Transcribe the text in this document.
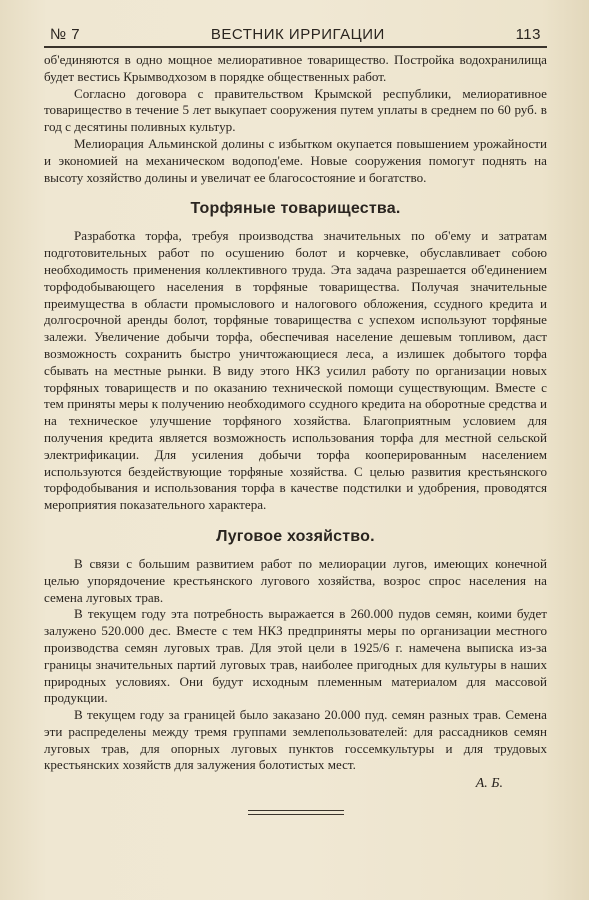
№ 7	ВЕСТНИК ИРРИГАЦИИ	113

об'единяются в одно мощное мелиоративное товарищество. Постройка водохранилища будет вестись Крымводхозом в порядке общественных работ.

Согласно договора с правительством Крымской республики, мелиоративное товарищество в течение 5 лет выкупает сооружения путем уплаты в среднем по 60 руб. в год с десятины поливных культур.

Мелиорация Альминской долины с избытком окупается повышением урожайности и экономией на механическом водопод'еме. Новые сооружения помогут поднять на высоту хозяйство долины и увеличат ее благосостояние и богатство.

Торфяные товарищества.

Разработка торфа, требуя производства значительных по об'ему и затратам подготовительных работ по осушению болот и корчевке, обуславливает собою необходимость применения коллективного труда. Эта задача разрешается об'единением торфодобывающего населения в торфяные товарищества. Получая значительные преимущества в области промыслового и налогового обложения, ссудного кредита и долгосрочной аренды болот, торфяные товарищества с успехом используют торфяные залежи. Увеличение добычи торфа, обеспечивая население дешевым топливом, даст возможность сохранить быстро уничтожающиеся леса, а излишек добытого торфа сбывать на местные рынки. В виду этого НКЗ усилил работу по организации новых торфяных товариществ и по оказанию технической помощи существующим. Вместе с тем приняты меры к получению необходимого ссудного кредита на оборотные средства и на техническое улучшение торфяного хозяйства. Благоприятным условием для получения кредита является возможность использования торфа для местной сельской электрификации. Для усиления добычи торфа кооперированным населением используются бездействующие торфяные хозяйства. С целью развития крестьянского торфодобывания и использования торфа в качестве подстилки и удобрения, проводятся мероприятия показательного характера.

Луговое хозяйство.

В связи с большим развитием работ по мелиорации лугов, имеющих конечной целью упорядочение крестьянского лугового хозяйства, возрос спрос населения на семена луговых трав.

В текущем году эта потребность выражается в 260.000 пудов семян, коими будет залужено 520.000 дес. Вместе с тем НКЗ предприняты меры по организации местного производства семян луговых трав. Для этой цели в 1925/6 г. намечена выписка из-за границы значительных партий луговых трав, наиболее пригодных для культуры в наших природных условиях. Они будут исходным племенным материалом для массовой продукции.

В текущем году за границей было заказано 20.000 пуд. семян разных трав. Семена эти распределены между тремя группами землепользователей: для рассадников семян луговых трав, для опорных луговых пунктов госсемкультуры и для трудовых крестьянских хозяйств для залужения болотистых мест.

А. Б.
